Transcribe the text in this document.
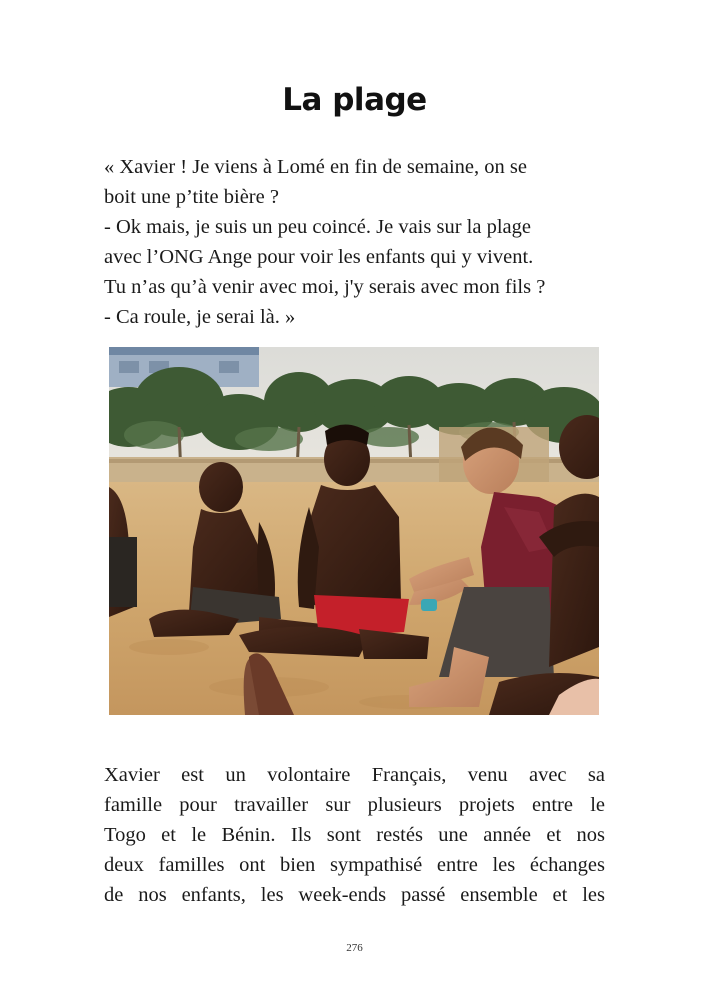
La plage
« Xavier ! Je viens à Lomé en fin de semaine, on se
boit une p’tite bière ?
- Ok mais, je suis un peu coincé. Je vais sur la plage
avec l’ONG Ange pour voir les enfants qui y vivent.
Tu n’as qu’à venir avec moi, j'y serais avec mon fils ?
- Ca roule, je serai là. »
Xavier est un volontaire Français, venu avec sa
famille pour travailler sur plusieurs projets entre le
Togo et le Bénin. Ils sont restés une année et nos
deux familles ont bien sympathisé entre les échanges
de nos enfants, les week-ends passé ensemble et les
276
